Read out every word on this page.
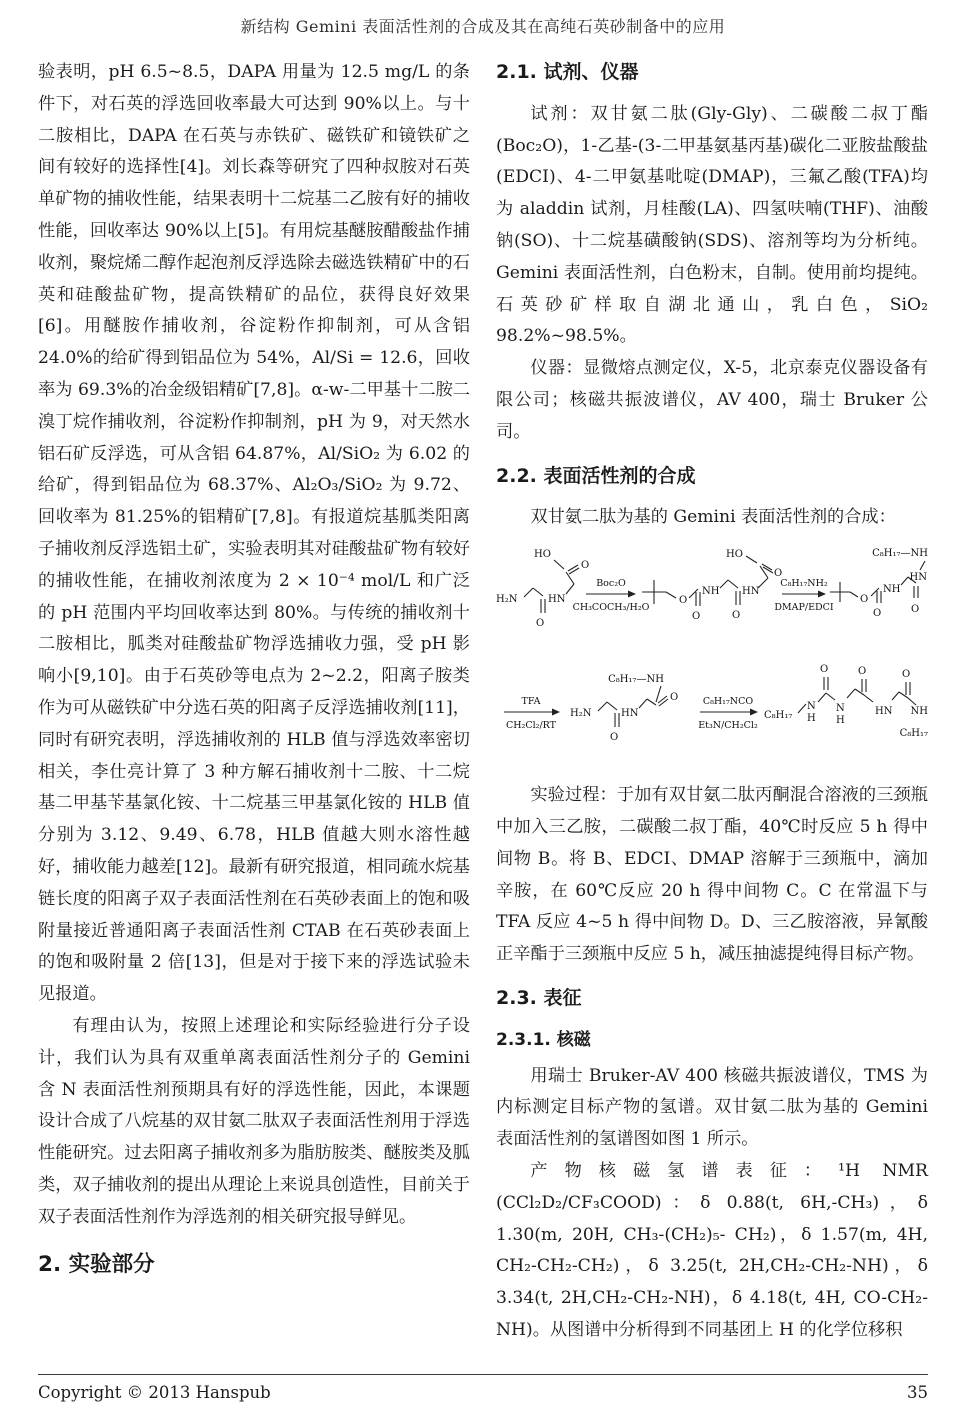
新结构 Gemini 表面活性剂的合成及其在高纯石英砂制备中的应用

验表明，pH 6.5~8.5，DAPA 用量为 12.5 mg/L 的条件下，对石英的浮选回收率最大可达到 90%以上。与十二胺相比，DAPA 在石英与赤铁矿、磁铁矿和镜铁矿之间有较好的选择性[4]。刘长森等研究了四种叔胺对石英单矿物的捕收性能，结果表明十二烷基二乙胺有好的捕收性能，回收率达 90%以上[5]。有用烷基醚胺醋酸盐作捕收剂，聚烷烯二醇作起泡剂反浮选除去磁选铁精矿中的石英和硅酸盐矿物，提高铁精矿的品位，获得良好效果[6]。用醚胺作捕收剂，谷淀粉作抑制剂，可从含铝 24.0%的给矿得到铝品位为 54%，Al/Si = 12.6，回收率为 69.3%的冶金级铝精矿[7,8]。α-w-二甲基十二胺二溴丁烷作捕收剂，谷淀粉作抑制剂，pH 为 9，对天然水铝石矿反浮选，可从含铝 64.87%，Al/SiO₂ 为 6.02 的给矿，得到铝品位为 68.37%、Al₂O₃/SiO₂ 为 9.72、回收率为 81.25%的铝精矿[7,8]。有报道烷基胍类阳离子捕收剂反浮选铝土矿，实验表明其对硅酸盐矿物有较好的捕收性能，在捕收剂浓度为 2 × 10⁻⁴ mol/L 和广泛的 pH 范围内平均回收率达到 80%。与传统的捕收剂十二胺相比，胍类对硅酸盐矿物浮选捕收力强，受 pH 影响小[9,10]。由于石英砂等电点为 2~2.2，阳离子胺类作为可从磁铁矿中分选石英的阳离子反浮选捕收剂[11]，同时有研究表明，浮选捕收剂的 HLB 值与浮选效率密切相关，李仕亮计算了 3 种方解石捕收剂十二胺、十二烷基二甲基苄基氯化铵、十二烷基三甲基氯化铵的 HLB 值分别为 3.12、9.49、6.78，HLB 值越大则水溶性越好，捕收能力越差[12]。最新有研究报道，相同疏水烷基链长度的阳离子双子表面活性剂在石英砂表面上的饱和吸附量接近普通阳离子表面活性剂 CTAB 在石英砂表面上的饱和吸附量 2 倍[13]，但是对于接下来的浮选试验未见报道。

有理由认为，按照上述理论和实际经验进行分子设计，我们认为具有双重单离表面活性剂分子的 Gemini 含 N 表面活性剂预期具有好的浮选性能，因此，本课题设计合成了八烷基的双甘氨二肽双子表面活性剂用于浮选性能研究。过去阳离子捕收剂多为脂肪胺类、醚胺类及胍类，双子捕收剂的提出从理论上来说具创造性，目前关于双子表面活性剂作为浮选剂的相关研究报导鲜见。

2. 实验部分
2.1. 试剂、仪器

试剂：双甘氨二肽(Gly-Gly)、二碳酸二叔丁酯(Boc₂O)，1-乙基-(3-二甲基氨基丙基)碳化二亚胺盐酸盐(EDCI)、4-二甲氨基吡啶(DMAP)，三氟乙酸(TFA)均为 aladdin 试剂，月桂酸(LA)、四氢呋喃(THF)、油酸钠(SO)、十二烷基磺酸钠(SDS)、溶剂等均为分析纯。Gemini 表面活性剂，白色粉末，自制。使用前均提纯。石英砂矿样取自湖北通山，乳白色，SiO₂ 98.2%~98.5%。

仪器：显微熔点测定仪，X-5，北京泰克仪器设备有限公司；核磁共振波谱仪，AV 400，瑞士 Bruker 公司。

2.2. 表面活性剂的合成

双甘氨二肽为基的 Gemini 表面活性剂的合成：

HO
O
H₂N	HN
O
Boc₂O
CH₃COCH₃/H₂O
O
O
NH
O
HN
HO
O
C₈H₁₇NH₂
DMAP/EDCI
O
O
NH
O
HN
C₈H₁₇—NH
TFA
CH₂Cl₂/RT
C₈H₁₇—NH
O
H₂N	HN
O
C₈H₁₇NCO
Et₃N/CH₂Cl₂
C₈H₁₇
N
H
O
N
H
O
HN
O
NH
C₈H₁₇

实验过程：于加有双甘氨二肽丙酮混合溶液的三颈瓶中加入三乙胺，二碳酸二叔丁酯，40℃时反应 5 h 得中间物 B。将 B、EDCI、DMAP 溶解于三颈瓶中，滴加辛胺，在 60℃反应 20 h 得中间物 C。C 在常温下与 TFA 反应 4~5 h 得中间物 D。D、三乙胺溶液，异氰酸正辛酯于三颈瓶中反应 5 h，减压抽滤提纯得目标产物。

2.3. 表征
2.3.1. 核磁

用瑞士 Bruker-AV 400 核磁共振波谱仪，TMS 为内标测定目标产物的氢谱。双甘氨二肽为基的 Gemini 表面活性剂的氢谱图如图 1 所示。

产物核磁氢谱表征：¹H NMR (CCl₂D₂/CF₃COOD)：δ 0.88(t, 6H,-CH₃)，δ 1.30(m, 20H, CH₃-(CH₂)₅- CH₂)，δ 1.57(m, 4H, CH₂-CH₂-CH₂)，δ 3.25(t, 2H,CH₂-CH₂-NH)，δ 3.34(t, 2H,CH₂-CH₂-NH)，δ 4.18(t, 4H, CO-CH₂-NH)。从图谱中分析得到不同基团上 H 的化学位移积

Copyright © 2013 Hanspub	35
